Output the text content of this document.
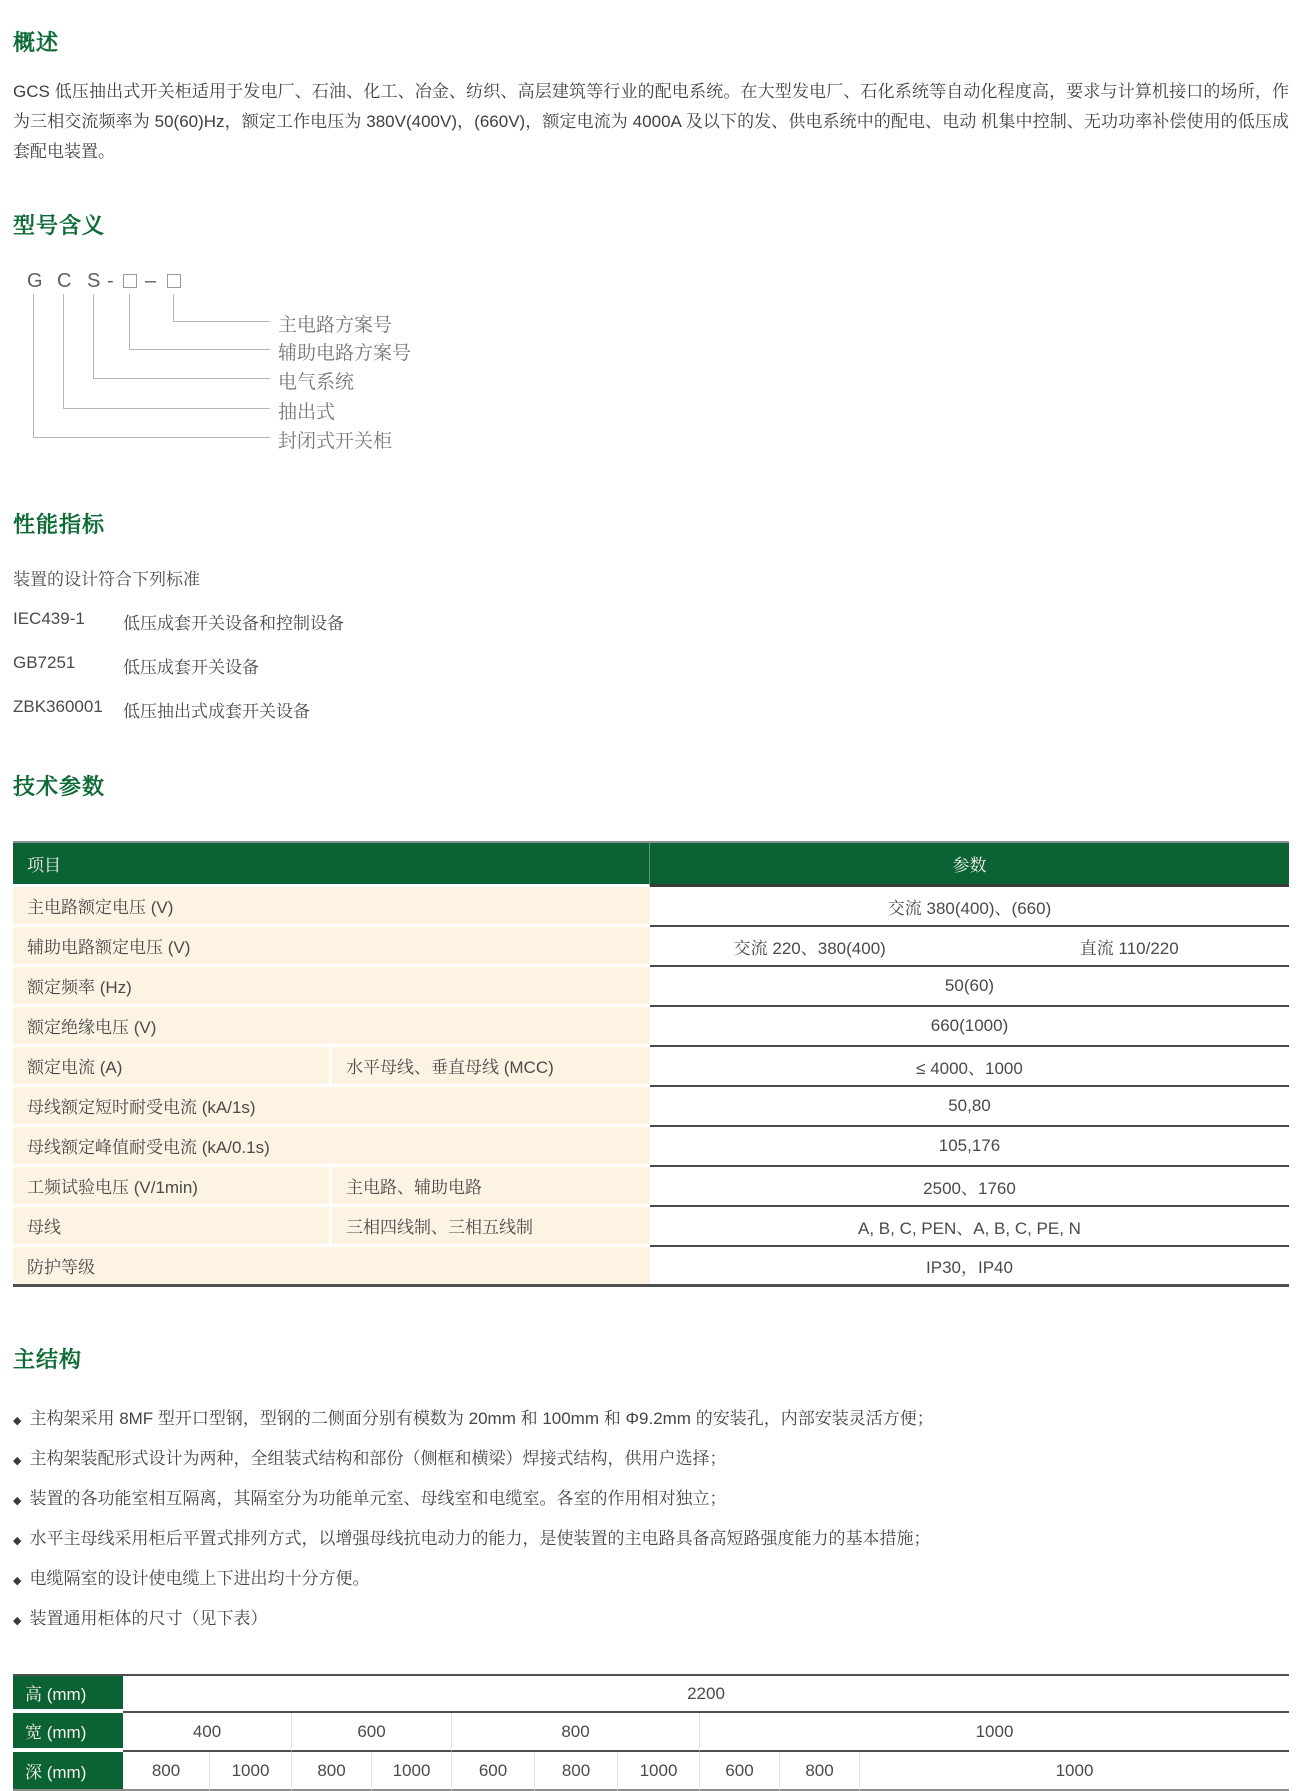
概述

GCS 低压抽出式开关柜适用于发电厂、石油、化工、冶金、纺织、高层建筑等行业的配电系统。在大型发电厂、石化系统等自动化程度高，要求与计算机接口的场所，作为三相交流频率为 50(60)Hz，额定工作电压为 380V(400V)，(660V)，额定电流为 4000A 及以下的发、供电系统中的配电、电动 机集中控制、无功功率补偿使用的低压成套配电装置。

型号含义
G C S - –
主电路方案号
辅助电路方案号
电气系统
抽出式
封闭式开关柜
性能指标

装置的设计符合下列标准

IEC439-1	低压成套开关设备和控制设备
GB7251	低压成套开关设备
ZBK360001	低压抽出式成套开关设备
技术参数
项目		参数
主电路额定电压 (V)		交流 380(400)、(660)
辅助电路额定电压 (V)		交流 220、380(400) 直流 110/220

额定频率 (Hz)		50(60)
额定绝缘电压 (V)		660(1000)
额定电流 (A)	水平母线、垂直母线 (MCC)	≤ 4000、1000
母线额定短时耐受电流 (kA/1s)		50,80
母线额定峰值耐受电流 (kA/0.1s)		105,176
工频试验电压 (V/1min)	主电路、辅助电路	2500、1760
母线	三相四线制、三相五线制	A, B, C, PEN、A, B, C, PE, N
防护等级		IP30，IP40
主结构
◆ 主构架采用 8MF 型开口型钢，型钢的二侧面分别有模数为 20mm 和 100mm 和 Φ9.2mm 的安装孔，内部安装灵活方便；
◆ 主构架装配形式设计为两种，全组装式结构和部份（侧框和横梁）焊接式结构，供用户选择；
◆ 装置的各功能室相互隔离，其隔室分为功能单元室、母线室和电缆室。各室的作用相对独立；
◆ 水平主母线采用柜后平置式排列方式，以增强母线抗电动力的能力，是使装置的主电路具备高短路强度能力的基本措施；
◆ 电缆隔室的设计使电缆上下进出均十分方便。
◆ 装置通用柜体的尺寸（见下表）
高 (mm)	2200									
宽 (mm)	400		600		800			1000		
深 (mm)	800	1000	800	1000	600	800	1000	600	800	1000
